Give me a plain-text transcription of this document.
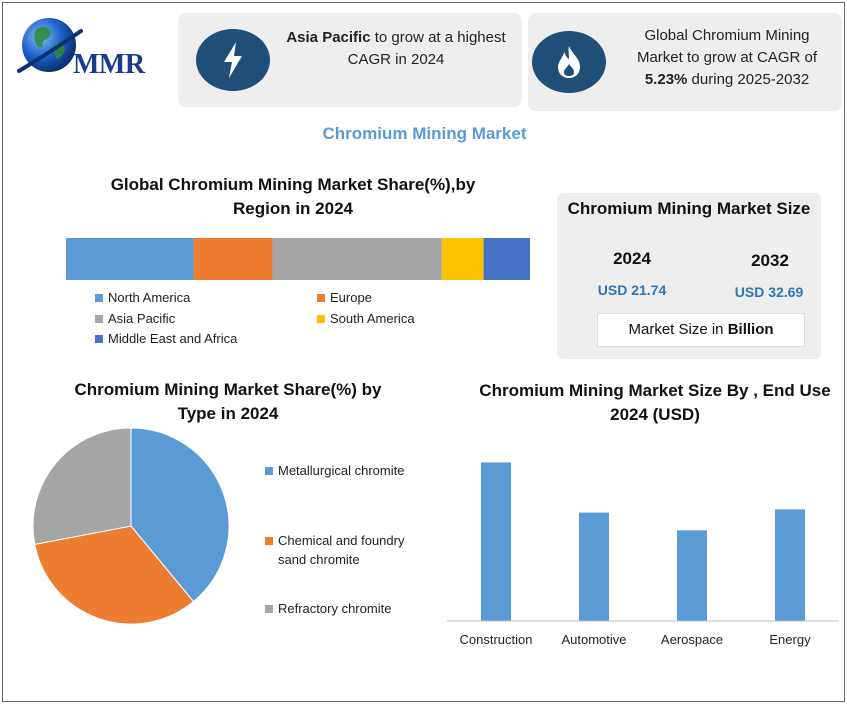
MMR
Asia Pacific to grow at a highest CAGR in 2024
Global Chromium Mining Market to grow at CAGR of 5.23% during 2025-2032
Chromium Mining Market
Global Chromium Mining Market Share(%),by Region in 2024
North America	Europe
Asia Pacific	South America
Middle East and Africa
Chromium Mining Market Size
2024	2032
USD 21.74	USD 32.69
Market Size in Billion
Chromium Mining Market Share(%) by Type in 2024
Metallurgical chromite
Chemical and foundry sand chromite
Refractory chromite
Chromium Mining Market Size By , End Use 2024 (USD)
Construction Automotive	Aerospace	Energy
